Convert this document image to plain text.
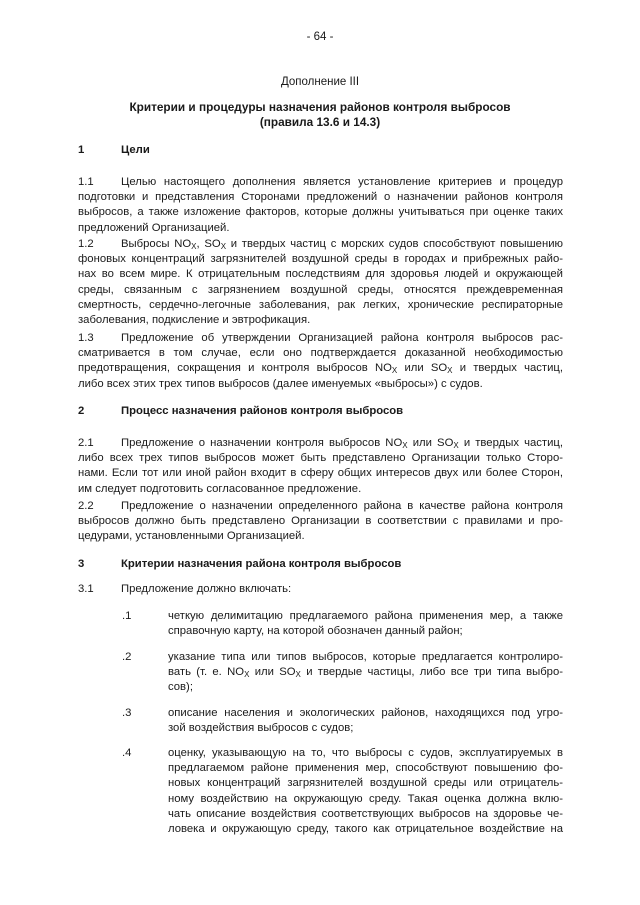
- 64 -
Дополнение III
Критерии и процедуры назначения районов контроля выбросов
(правила 13.6 и 14.3)
1	Цели
1.1 Целью настоящего дополнения является установление критериев и процедур
подготовки и представления Сторонами предложений о назначении районов контроля
выбросов, а также изложение факторов, которые должны учитываться при оценке таких
предложений Организацией.
1.2 Выбросы NOX, SOX и твердых частиц с морских судов способствуют повышению
фоновых концентраций загрязнителей воздушной среды в городах и прибрежных райо-
нах во всем мире. К отрицательным последствиям для здоровья людей и окружающей
среды, связанным с загрязнением воздушной среды, относятся преждевременная
смертность, сердечно-легочные заболевания, рак легких, хронические респираторные
заболевания, подкисление и эвтрофикация.
1.3 Предложение об утверждении Организацией района контроля выбросов рас-
сматривается в том случае, если оно подтверждается доказанной необходимостью
предотвращения, сокращения и контроля выбросов NOX или SOX и твердых частиц,
либо всех этих трех типов выбросов (далее именуемых «выбросы») с судов.
2	Процесс назначения районов контроля выбросов
2.1 Предложение о назначении контроля выбросов NOX или SOX и твердых частиц,
либо всех трех типов выбросов может быть представлено Организации только Сторо-
нами. Если тот или иной район входит в сферу общих интересов двух или более Сторон,
им следует подготовить согласованное предложение.
2.2 Предложение о назначении определенного района в качестве района контроля
выбросов должно быть представлено Организации в соответствии с правилами и про-
цедурами, установленными Организацией.
3	Критерии назначения района контроля выбросов
3.1 Предложение должно включать:
.1	четкую делимитацию предлагаемого района применения мер, а также
справочную карту, на которой обозначен данный район;
.2	указание типа или типов выбросов, которые предлагается контролиро-
вать (т. е. NOX или SOX и твердые частицы, либо все три типа выбро-
сов);
.3	описание населения и экологических районов, находящихся под угро-
зой воздействия выбросов с судов;
.4	оценку, указывающую на то, что выбросы с судов, эксплуатируемых в
предлагаемом районе применения мер, способствуют повышению фо-
новых концентраций загрязнителей воздушной среды или отрицатель-
ному воздействию на окружающую среду. Такая оценка должна вклю-
чать описание воздействия соответствующих выбросов на здоровье че-
ловека и окружающую среду, такого как отрицательное воздействие на
